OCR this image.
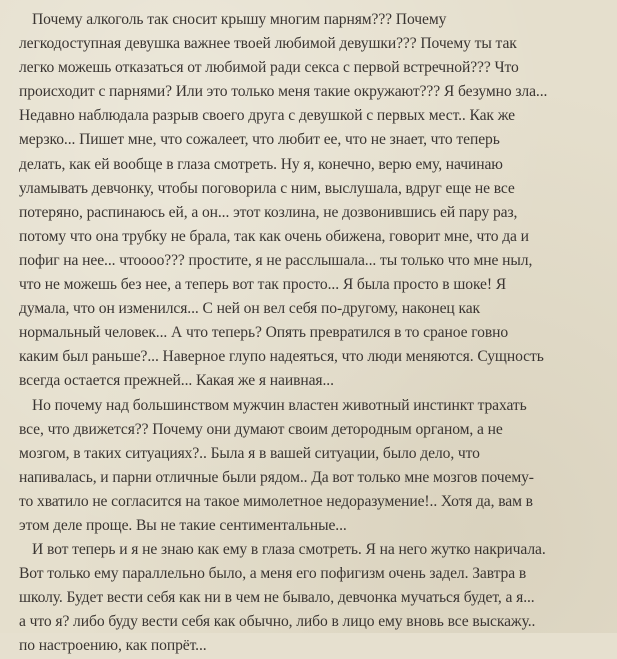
Почему алкоголь так сносит крышу многим парням??? Почему
легкодоступная девушка важнее твоей любимой девушки??? Почему ты так
легко можешь отказаться от любимой ради секса с первой встречной??? Что
происходит с парнями? Или это только меня такие окружают??? Я безумно зла...
Недавно наблюдала разрыв своего друга с девушкой с первых мест.. Как же
мерзко... Пишет мне, что сожалеет, что любит ее, что не знает, что теперь
делать, как ей вообще в глаза смотреть. Ну я, конечно, верю ему, начинаю
уламывать девчонку, чтобы поговорила с ним, выслушала, вдруг еще не все
потеряно, распинаюсь ей, а он... этот козлина, не дозвонившись ей пару раз,
потому что она трубку не брала, так как очень обижена, говорит мне, что да и
пофиг на нее... чтоооо??? простите, я не расслышала... ты только что мне ныл,
что не можешь без нее, а теперь вот так просто... Я была просто в шоке! Я
думала, что он изменился... С ней он вел себя по-другому, наконец как
нормальный человек... А что теперь? Опять превратился в то сраное говно
каким был раньше?... Наверное глупо надеяться, что люди меняются. Сущность
всегда остается прежней... Какая же я наивная...
Но почему над большинством мужчин властен животный инстинкт трахать
все, что движется?? Почему они думают своим детородным органом, а не
мозгом, в таких ситуациях?.. Была я в вашей ситуации, было дело, что
напивалась, и парни отличные были рядом.. Да вот только мне мозгов почему-
то хватило не согласится на такое мимолетное недоразумение!.. Хотя да, вам в
этом деле проще. Вы не такие сентиментальные...
И вот теперь и я не знаю как ему в глаза смотреть. Я на него жутко накричала.
Вот только ему параллельно было, а меня его пофигизм очень задел. Завтра в
школу. Будет вести себя как ни в чем не бывало, девчонка мучаться будет, а я...
а что я? либо буду вести себя как обычно, либо в лицо ему вновь все выскажу..
по настроению, как попрёт...
